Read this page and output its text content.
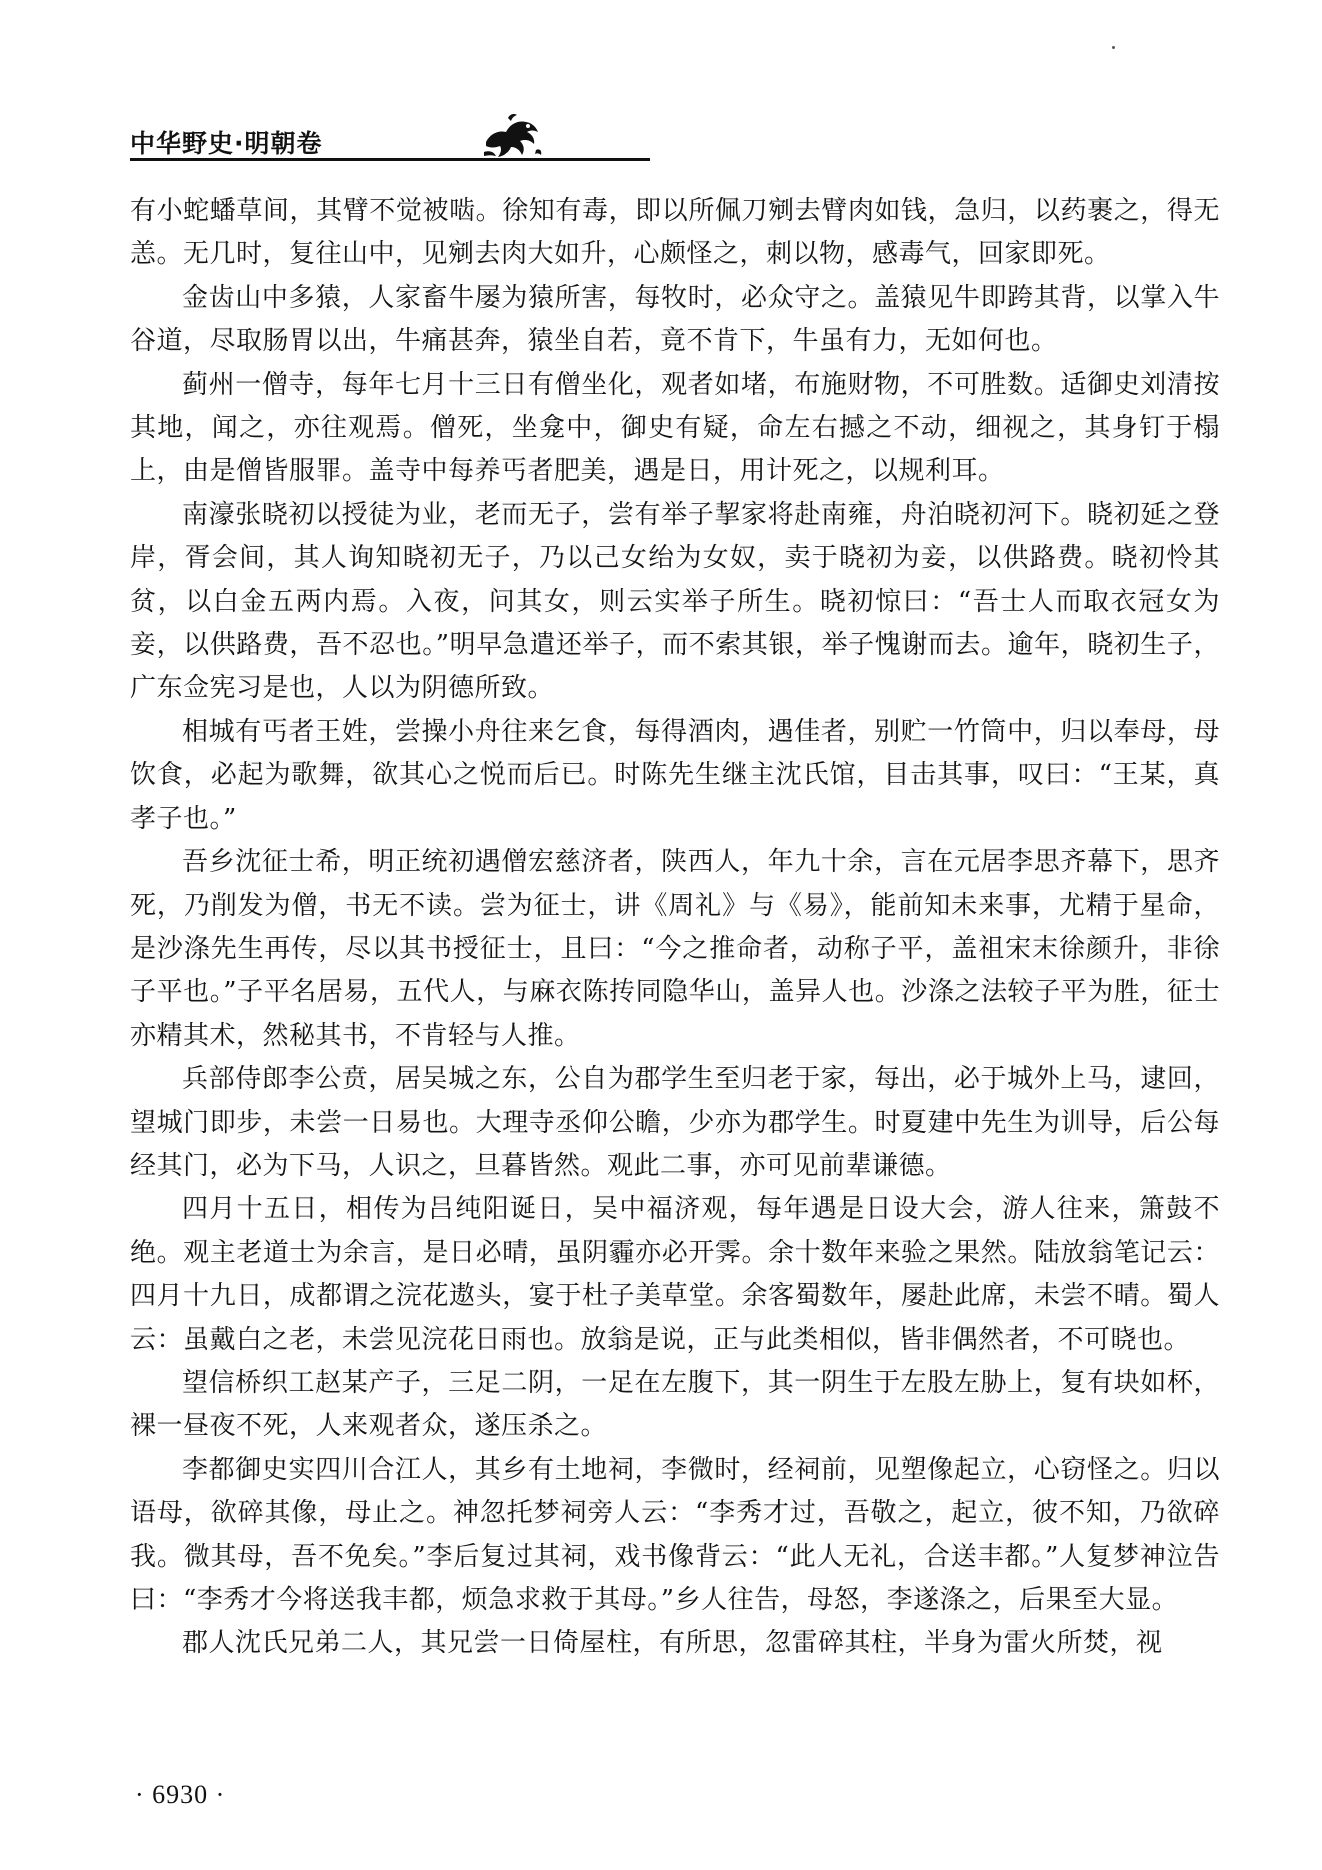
中华野史·明朝卷

有小蛇蟠草间，其臂不觉被啮。徐知有毒，即以所佩刀剜去臂肉如钱，急归，以药裹之，得无恙。无几时，复往山中，见剜去肉大如升，心颇怪之，刺以物，感毒气，回家即死。

金齿山中多猿，人家畜牛屡为猿所害，每牧时，必众守之。盖猿见牛即跨其背，以掌入牛谷道，尽取肠胃以出，牛痛甚奔，猿坐自若，竟不肯下，牛虽有力，无如何也。

蓟州一僧寺，每年七月十三日有僧坐化，观者如堵，布施财物，不可胜数。适御史刘清按其地，闻之，亦往观焉。僧死，坐龛中，御史有疑，命左右撼之不动，细视之，其身钉于榻上，由是僧皆服罪。盖寺中每养丐者肥美，遇是日，用计死之，以规利耳。

南濠张晓初以授徒为业，老而无子，尝有举子挈家将赴南雍，舟泊晓初河下。晓初延之登岸，胥会间，其人询知晓初无子，乃以己女绐为女奴，卖于晓初为妾，以供路费。晓初怜其贫，以白金五两内焉。入夜，问其女，则云实举子所生。晓初惊曰：“吾士人而取衣冠女为妾，以供路费，吾不忍也。”明早急遣还举子，而不索其银，举子愧谢而去。逾年，晓初生子，广东佥宪习是也，人以为阴德所致。

相城有丐者王姓，尝操小舟往来乞食，每得酒肉，遇佳者，别贮一竹筒中，归以奉母，母饮食，必起为歌舞，欲其心之悦而后已。时陈先生继主沈氏馆，目击其事，叹曰：“王某，真孝子也。”

吾乡沈征士希，明正统初遇僧宏慈济者，陕西人，年九十余，言在元居李思齐幕下，思齐死，乃削发为僧，书无不读。尝为征士，讲《周礼》与《易》，能前知未来事，尤精于星命，是沙涤先生再传，尽以其书授征士，且曰：“今之推命者，动称子平，盖祖宋末徐颜升，非徐子平也。”子平名居易，五代人，与麻衣陈抟同隐华山，盖异人也。沙涤之法较子平为胜，征士亦精其术，然秘其书，不肯轻与人推。

兵部侍郎李公贲，居吴城之东，公自为郡学生至归老于家，每出，必于城外上马，逮回，望城门即步，未尝一日易也。大理寺丞仰公瞻，少亦为郡学生。时夏建中先生为训导，后公每经其门，必为下马，人识之，旦暮皆然。观此二事，亦可见前辈谦德。

四月十五日，相传为吕纯阳诞日，吴中福济观，每年遇是日设大会，游人往来，箫鼓不绝。观主老道士为余言，是日必晴，虽阴霾亦必开霁。余十数年来验之果然。陆放翁笔记云：四月十九日，成都谓之浣花遨头，宴于杜子美草堂。余客蜀数年，屡赴此席，未尝不晴。蜀人云：虽戴白之老，未尝见浣花日雨也。放翁是说，正与此类相似，皆非偶然者，不可晓也。

望信桥织工赵某产子，三足二阴，一足在左腹下，其一阴生于左股左胁上，复有块如杯，裸一昼夜不死，人来观者众，遂压杀之。

李都御史实四川合江人，其乡有土地祠，李微时，经祠前，见塑像起立，心窃怪之。归以语母，欲碎其像，母止之。神忽托梦祠旁人云：“李秀才过，吾敬之，起立，彼不知，乃欲碎我。微其母，吾不免矣。”李后复过其祠，戏书像背云：“此人无礼，合送丰都。”人复梦神泣告曰：“李秀才今将送我丰都，烦急求救于其母。”乡人往告，母怒，李遂涤之，后果至大显。

郡人沈氏兄弟二人，其兄尝一日倚屋柱，有所思，忽雷碎其柱，半身为雷火所焚，视

· 6930 ·
